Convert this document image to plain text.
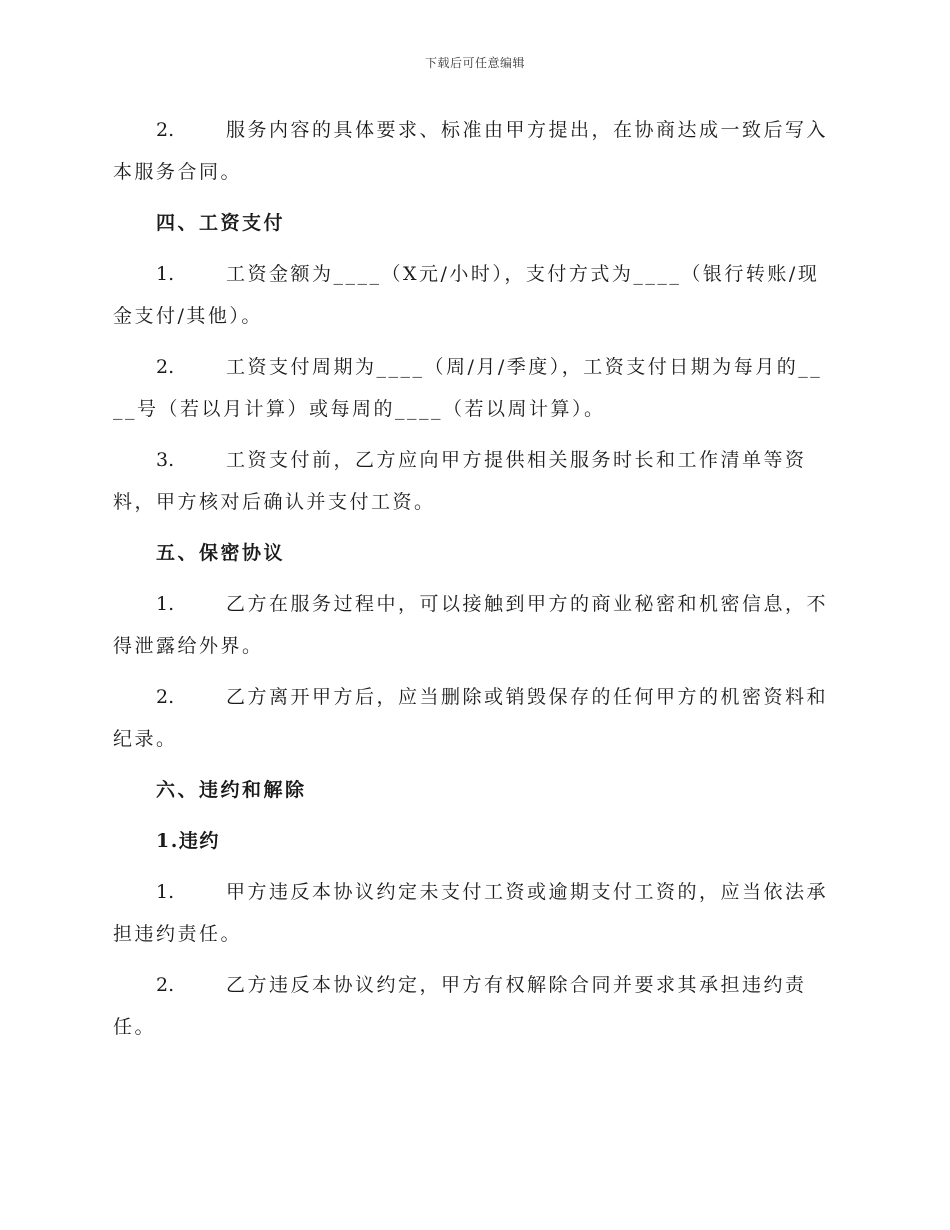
下载后可任意编辑

2.	服务内容的具体要求、标准由甲方提出，在协商达成一致后写入本服务合同。

四、工资支付

1.	工资金额为____（X元/小时），支付方式为____（银行转账/现金支付/其他）。

2.	工资支付周期为____（周/月/季度），工资支付日期为每月的____号（若以月计算）或每周的____（若以周计算）。

3.	工资支付前，乙方应向甲方提供相关服务时长和工作清单等资料，甲方核对后确认并支付工资。

五、保密协议

1.	乙方在服务过程中，可以接触到甲方的商业秘密和机密信息，不得泄露给外界。

2.	乙方离开甲方后，应当删除或销毁保存的任何甲方的机密资料和纪录。

六、违约和解除
1.违约

1.	甲方违反本协议约定未支付工资或逾期支付工资的，应当依法承担违约责任。

2.	乙方违反本协议约定，甲方有权解除合同并要求其承担违约责任。
